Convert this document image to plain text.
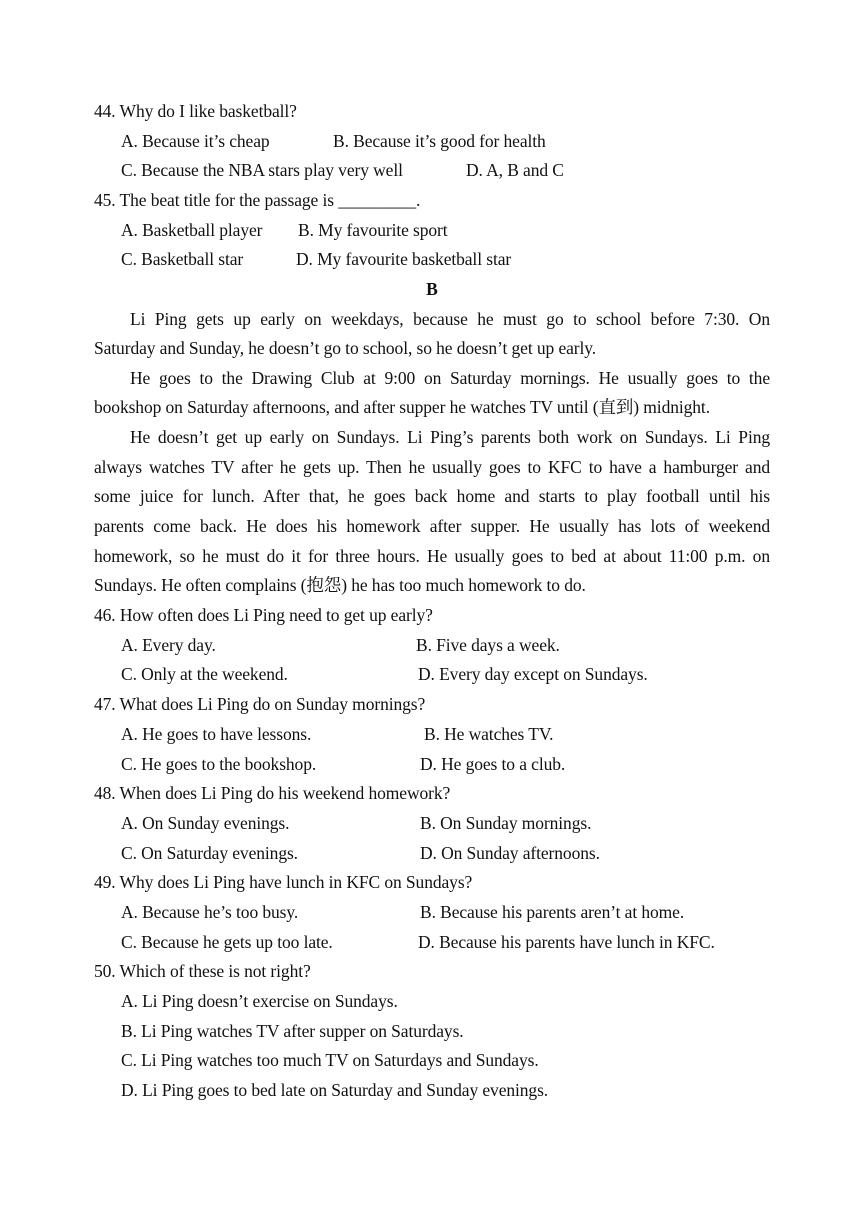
44. Why do I like basketball?
A. Because it’s cheap	B. Because it’s good for health
C. Because the NBA stars play very well	D. A, B and C
45. The beat title for the passage is _________.
A. Basketball player B. My favourite sport
C. Basketball star	D. My favourite basketball star
B
Li Ping gets up early on weekdays, because he must go to school before 7:30. On
Saturday and Sunday, he doesn’t go to school, so he doesn’t get up early.
He goes to the Drawing Club at 9:00 on Saturday mornings. He usually goes to the
bookshop on Saturday afternoons, and after supper he watches TV until (直到) midnight.
He doesn’t get up early on Sundays. Li Ping’s parents both work on Sundays. Li Ping
always watches TV after he gets up. Then he usually goes to KFC to have a hamburger and
some juice for lunch. After that, he goes back home and starts to play football until his
parents come back. He does his homework after supper. He usually has lots of weekend
homework, so he must do it for three hours. He usually goes to bed at about 11:00 p.m. on
Sundays. He often complains (抱怨) he has too much homework to do.
46. How often does Li Ping need to get up early?
A. Every day.	B. Five days a week.
C. Only at the weekend.	D. Every day except on Sundays.
47. What does Li Ping do on Sunday mornings?
A. He goes to have lessons.	B. He watches TV.
C. He goes to the bookshop.	D. He goes to a club.
48. When does Li Ping do his weekend homework?
A. On Sunday evenings.	B. On Sunday mornings.
C. On Saturday evenings.	D. On Sunday afternoons.
49. Why does Li Ping have lunch in KFC on Sundays?
A. Because he’s too busy.	B. Because his parents aren’t at home.
C. Because he gets up too late.	D. Because his parents have lunch in KFC.
50. Which of these is not right?
A. Li Ping doesn’t exercise on Sundays.
B. Li Ping watches TV after supper on Saturdays.
C. Li Ping watches too much TV on Saturdays and Sundays.
D. Li Ping goes to bed late on Saturday and Sunday evenings.
